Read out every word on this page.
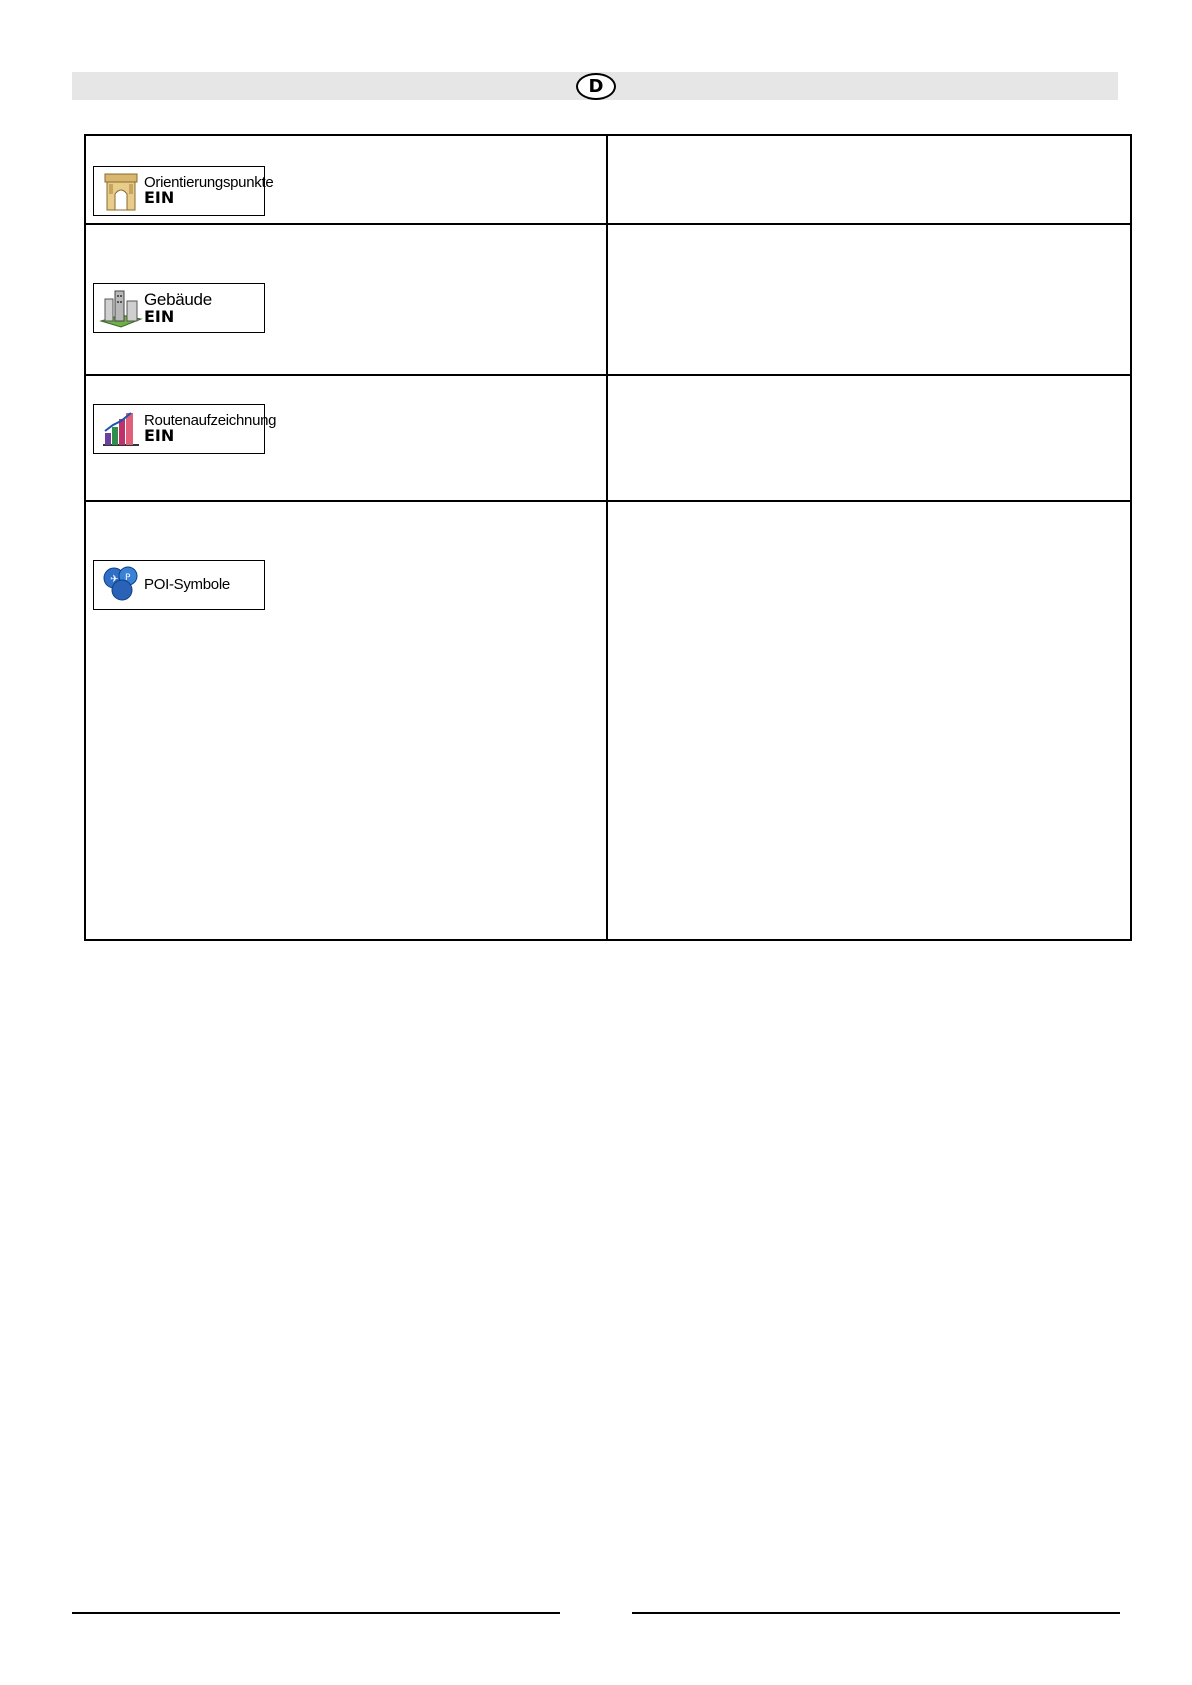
D
Orientierungspunkte
EIN	

Gebäude
EIN	

Routenaufzeichnung
EIN	

✈ P POI-Symbole	
